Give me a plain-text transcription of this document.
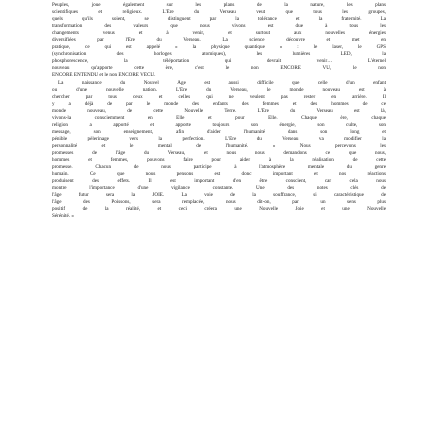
Peuples, joue également sur les plans de la nature, les plans
scientifiques et religieux. L'Ère du Verseau veut que tous les groupes,
quels qu'ils soient, se distinguent par la tolérance et la fraternité. La
transformation des valeurs que nous vivons est due à tous les
changements venus et à venir, et surtout aux nouvelles énergies
diversifiées par l'Ère du Verseau. La science découvre et met en
pratique, ce qui est appelé « la physique quantique » : le laser, le GPS
(synchronisation des horloges atomiques), les lumières LED, la
phosphorescence, la téléportation qui devrait venir… L'éternel
nouveau qu'apporte cette ère, c'est le non ENCORE VU, le non
ENCORE ENTENDU et le non ENCORE VÉCU.
La naissance du Nouvel Âge est aussi difficile que celle d'un enfant
ou d'une nouvelle nation. L'Ère du Verseau, le monde nouveau est à
chercher par tous ceux et celles qui ne veulent pas rester en arrière. Il
y a déjà de par le monde des enfants des femmes et des hommes de ce
monde nouveau, de cette Nouvelle Terre. L'Ère du Verseau est là,
vivons-la consciemment en Elle et pour Elle. Chaque ère, chaque
religion a apporté et apporte toujours son énergie, son culte, son
message, son enseignement, afin d'aider l'humanité dans son long et
pénible pèlerinage vers la perfection. L'Ère du Verseau va modifier la
personnalité et le mental de l'humanité. « Nous percevons les
promesses de l'âge du Verseau, et nous nous demandons ce que nous,
hommes et femmes, pouvons faire pour aider à la réalisation de cette
promesse. Chacun de nous participe à l'atmosphère mentale du genre
humain. Ce que nous pensons est donc important et nos réactions
produisent des effets. Il est important d'en être conscient, car cela nous
montre l'importance d'une vigilance constante. Une des notes clés de
l'âge futur sera la JOIE. La voie de la souffrance, si caractéristique de
l'âge des Poissons, sera remplacée, nous dit-on, par un sens plus
positif de la réalité, et ceci créera une Nouvelle Joie et une Nouvelle
Sérénité. »
